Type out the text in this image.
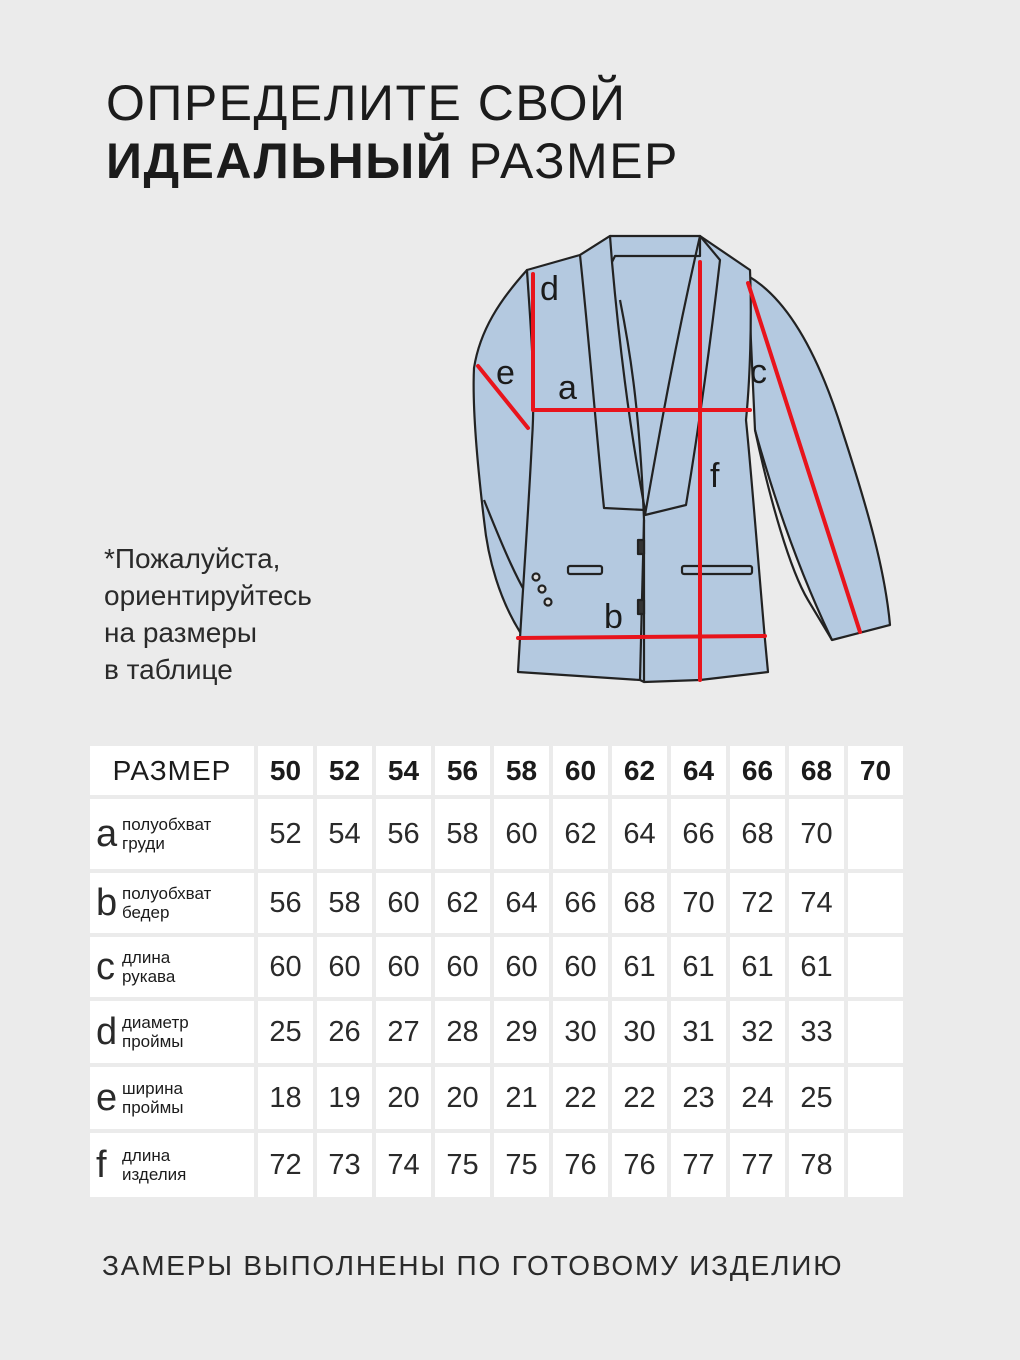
ОПРЕДЕЛИТЕ СВОЙ
ИДЕАЛЬНЫЙ РАЗМЕР
*Пожалуйста,
ориентируйтесь
на размеры
в таблице
a
b
c
d
e
f
РАЗМЕР	50	52	54	56	58	60	62	64	66	68	70

a полуобхват
груди	52	54	56	58	60	62	64	66	68	70	

b полуобхват
бедер	56	58	60	62	64	66	68	70	72	74	

c длина
рукава	60	60	60	60	60	60	61	61	61	61	

d диаметр
проймы	25	26	27	28	29	30	30	31	32	33	

e ширина
проймы	18	19	20	20	21	22	22	23	24	25	

f длина
изделия	72	73	74	75	75	76	76	77	77	78	
ЗАМЕРЫ ВЫПОЛНЕНЫ ПО ГОТОВОМУ ИЗДЕЛИЮ
